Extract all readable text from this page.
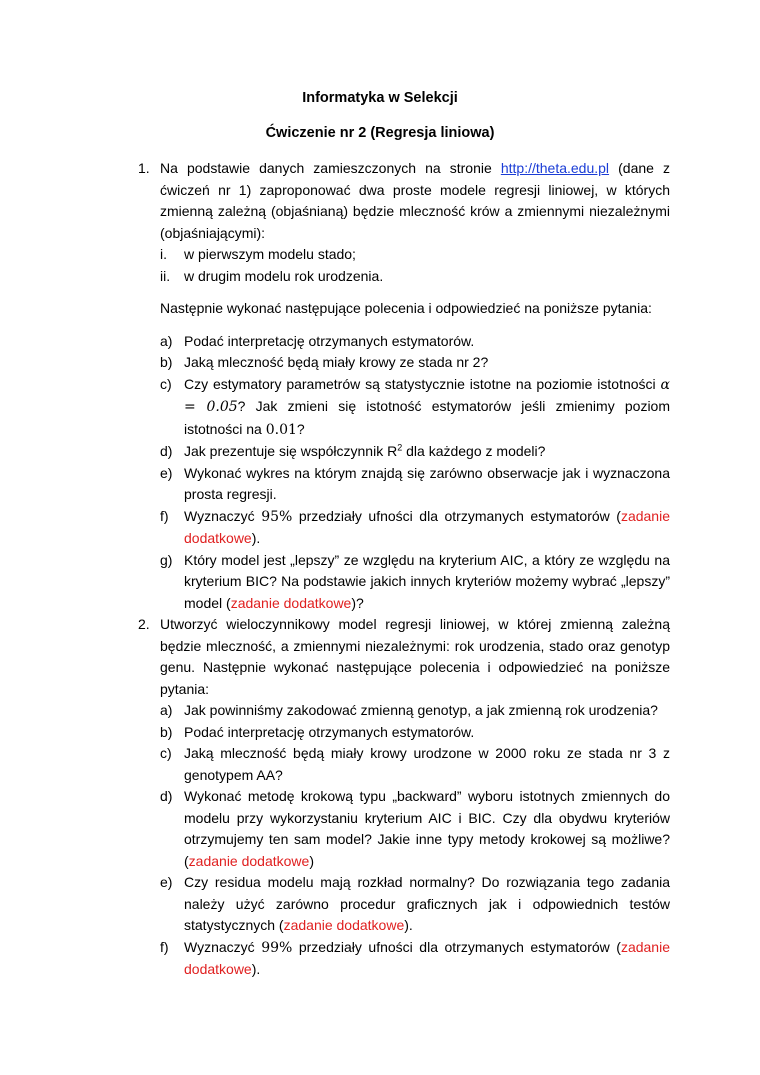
Informatyka w Selekcji
Ćwiczenie nr 2 (Regresja liniowa)
1. Na podstawie danych zamieszczonych na stronie http://theta.edu.pl (dane z ćwiczeń nr 1) zaproponować dwa proste modele regresji liniowej, w których zmienną zależną (objaśnianą) będzie mleczność krów a zmiennymi niezależnymi (objaśniającymi):
i. w pierwszym modelu stado;
ii. w drugim modelu rok urodzenia.
Następnie wykonać następujące polecenia i odpowiedzieć na poniższe pytania:
a) Podać interpretację otrzymanych estymatorów.
b) Jaką mleczność będą miały krowy ze stada nr 2?
c) Czy estymatory parametrów są statystycznie istotne na poziomie istotności α = 0.05? Jak zmieni się istotność estymatorów jeśli zmienimy poziom istotności na 0.01?
d) Jak prezentuje się współczynnik $R^2$ dla każdego z modeli?
e) Wykonać wykres na którym znajdą się zarówno obserwacje jak i wyznaczona prosta regresji.
f) Wyznaczyć 95% przedziały ufności dla otrzymanych estymatorów (zadanie dodatkowe).
g) Który model jest „lepszy” ze względu na kryterium AIC, a który ze względu na kryterium BIC? Na podstawie jakich innych kryteriów możemy wybrać „lepszy” model (zadanie dodatkowe)?
2. Utworzyć wieloczynnikowy model regresji liniowej, w której zmienną zależną będzie mleczność, a zmiennymi niezależnymi: rok urodzenia, stado oraz genotyp genu. Następnie wykonać następujące polecenia i odpowiedzieć na poniższe pytania:
a) Jak powinniśmy zakodować zmienną genotyp, a jak zmienną rok urodzenia?
b) Podać interpretację otrzymanych estymatorów.
c) Jaką mleczność będą miały krowy urodzone w 2000 roku ze stada nr 3 z genotypem AA?
d) Wykonać metodę krokową typu „backward” wyboru istotnych zmiennych do modelu przy wykorzystaniu kryterium AIC i BIC. Czy dla obydwu kryteriów otrzymujemy ten sam model? Jakie inne typy metody krokowej są możliwe? (zadanie dodatkowe)
e) Czy residua modelu mają rozkład normalny? Do rozwiązania tego zadania należy użyć zarówno procedur graficznych jak i odpowiednich testów statystycznych (zadanie dodatkowe).
f) Wyznaczyć 99% przedziały ufności dla otrzymanych estymatorów (zadanie dodatkowe).
